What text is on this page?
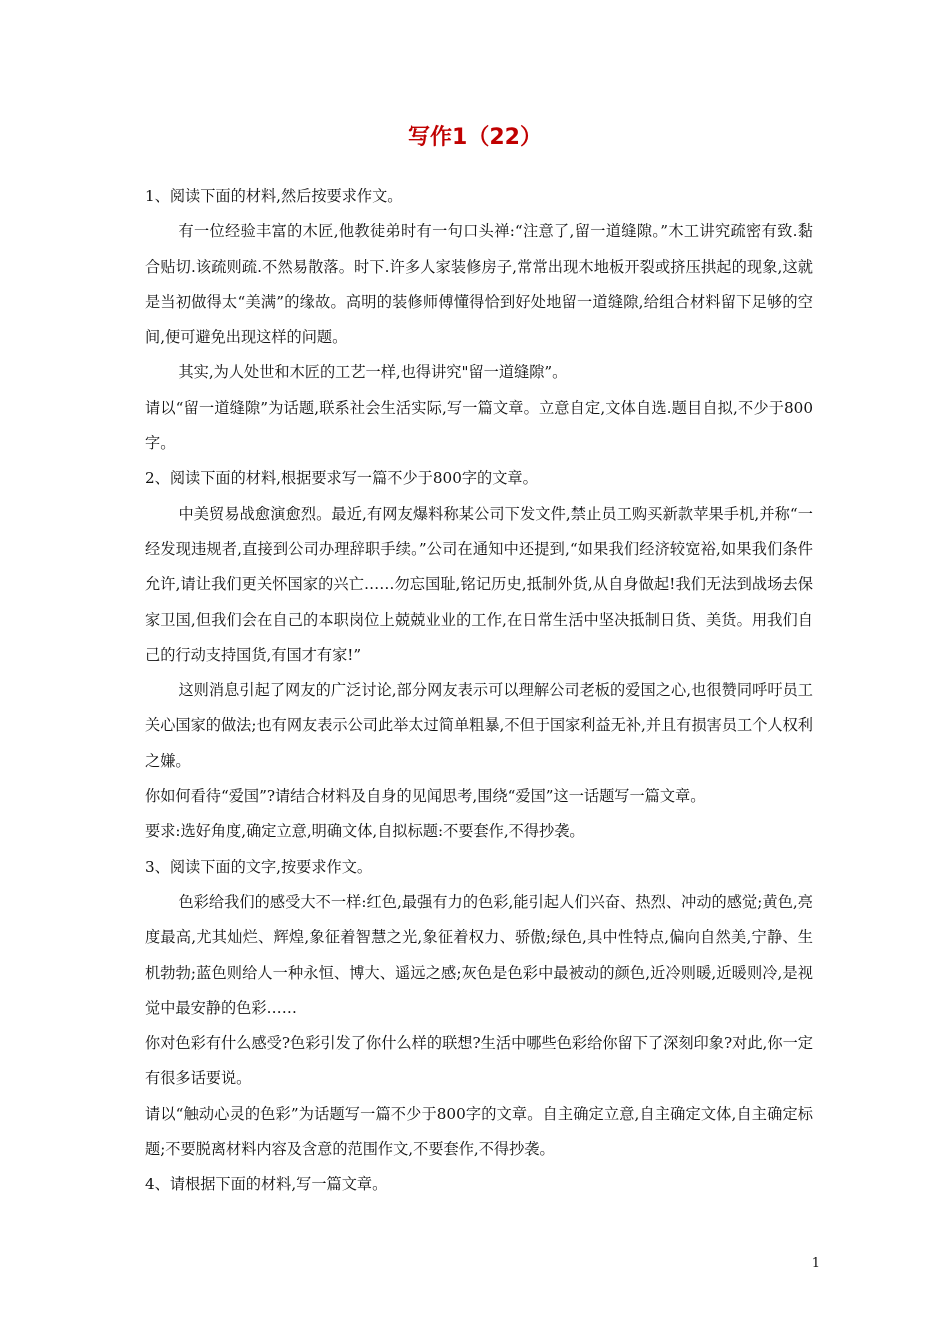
写作1（22）

1、阅读下面的材料,然后按要求作文。

有一位经验丰富的木匠,他教徒弟时有一句口头禅:“注意了,留一道缝隙。”木工讲究疏密有致.黏合贴切.该疏则疏.不然易散落。时下.许多人家装修房子,常常出现木地板开裂或挤压拱起的现象,这就是当初做得太“美满”的缘故。高明的装修师傅懂得恰到好处地留一道缝隙,给组合材料留下足够的空间,便可避免出现这样的问题。

其实,为人处世和木匠的工艺一样,也得讲究"留一道缝隙”。

请以“留一道缝隙”为话题,联系社会生活实际,写一篇文章。立意自定,文体自选.题目自拟,不少于800字。

2、阅读下面的材料,根据要求写一篇不少于800字的文章。

中美贸易战愈演愈烈。最近,有网友爆料称某公司下发文件,禁止员工购买新款苹果手机,并称“一经发现违规者,直接到公司办理辞职手续。”公司在通知中还提到,“如果我们经济较宽裕,如果我们条件允许,请让我们更关怀国家的兴亡……勿忘国耻,铭记历史,抵制外货,从自身做起!我们无法到战场去保家卫国,但我们会在自己的本职岗位上兢兢业业的工作,在日常生活中坚决抵制日货、美货。用我们自己的行动支持国货,有国才有家!”

这则消息引起了网友的广泛讨论,部分网友表示可以理解公司老板的爱国之心,也很赞同呼吁员工关心国家的做法;也有网友表示公司此举太过简单粗暴,不但于国家利益无补,并且有损害员工个人权利之嫌。

你如何看待“爱国”?请结合材料及自身的见闻思考,围绕“爱国”这一话题写一篇文章。

要求:选好角度,确定立意,明确文体,自拟标题:不要套作,不得抄袭。

3、阅读下面的文字,按要求作文。

色彩给我们的感受大不一样:红色,最强有力的色彩,能引起人们兴奋、热烈、冲动的感觉;黄色,亮度最高,尤其灿烂、辉煌,象征着智慧之光,象征着权力、骄傲;绿色,具中性特点,偏向自然美,宁静、生机勃勃;蓝色则给人一种永恒、博大、遥远之感;灰色是色彩中最被动的颜色,近冷则暖,近暖则冷,是视觉中最安静的色彩……

你对色彩有什么感受?色彩引发了你什么样的联想?生活中哪些色彩给你留下了深刻印象?对此,你一定有很多话要说。

请以“触动心灵的色彩”为话题写一篇不少于800字的文章。自主确定立意,自主确定文体,自主确定标题;不要脱离材料内容及含意的范围作文,不要套作,不得抄袭。

4、请根据下面的材料,写一篇文章。

1
